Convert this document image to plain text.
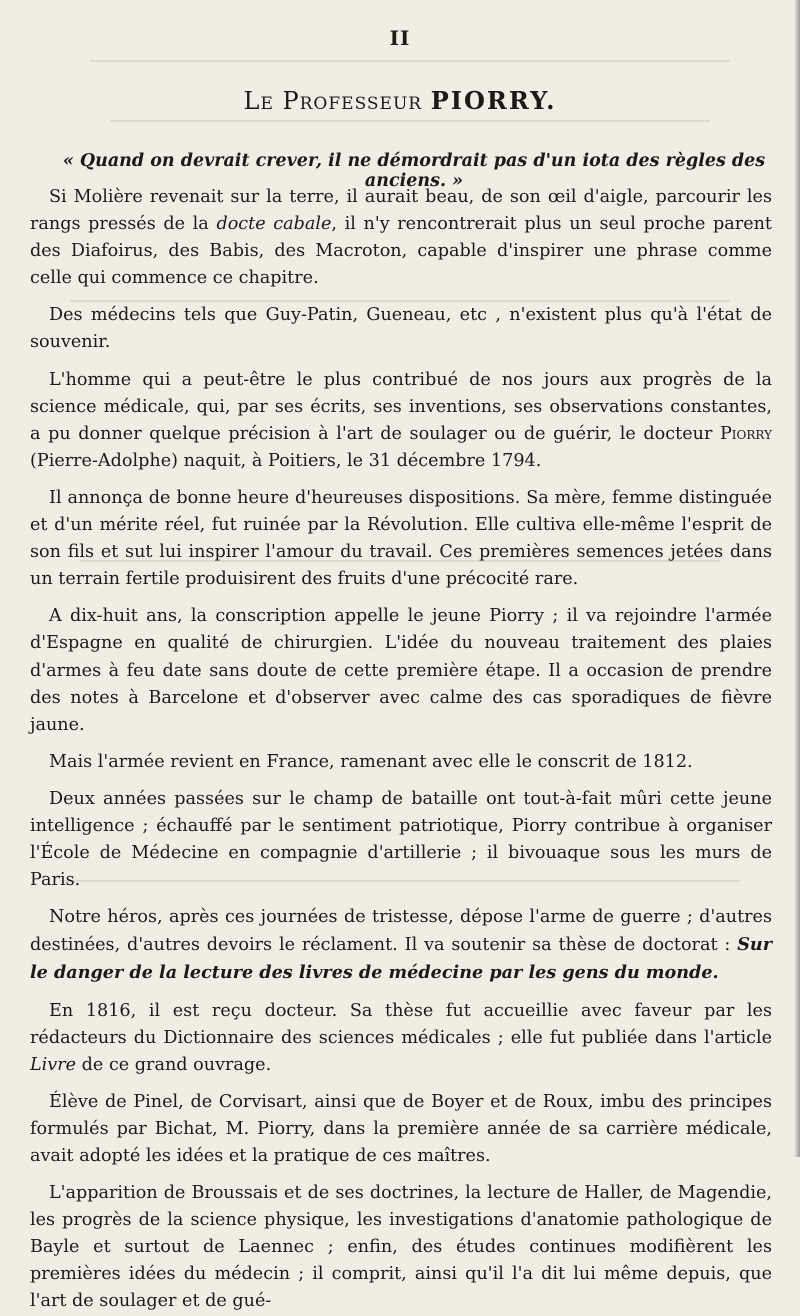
II
Le Professeur PIORRY.
« Quand on devrait crever, il ne démordrait pas d'un iota des règles des anciens. »

Si Molière revenait sur la terre, il aurait beau, de son œil d'aigle, parcourir les rangs pressés de la docte cabale, il n'y rencontrerait plus un seul proche parent des Diafoirus, des Babis, des Macroton, capable d'inspirer une phrase comme celle qui commence ce chapitre.

Des médecins tels que Guy-Patin, Gueneau, etc , n'existent plus qu'à l'état de souvenir.

L'homme qui a peut-être le plus contribué de nos jours aux progrès de la science médicale, qui, par ses écrits, ses inventions, ses observations constantes, a pu donner quelque précision à l'art de soulager ou de guérir, le docteur Piorry (Pierre-Adolphe) naquit, à Poitiers, le 31 décembre 1794.

Il annonça de bonne heure d'heureuses dispositions. Sa mère, femme distinguée et d'un mérite réel, fut ruinée par la Révolution. Elle cultiva elle-même l'esprit de son fils et sut lui inspirer l'amour du travail. Ces premières semences jetées dans un terrain fertile produisirent des fruits d'une précocité rare.

A dix-huit ans, la conscription appelle le jeune Piorry ; il va rejoindre l'armée d'Espagne en qualité de chirurgien. L'idée du nouveau traitement des plaies d'armes à feu date sans doute de cette première étape. Il a occasion de prendre des notes à Barcelone et d'observer avec calme des cas sporadiques de fièvre jaune.

Mais l'armée revient en France, ramenant avec elle le conscrit de 1812.

Deux années passées sur le champ de bataille ont tout-à-fait mûri cette jeune intelligence ; échauffé par le sentiment patriotique, Piorry contribue à organiser l'École de Médecine en compagnie d'artillerie ; il bivouaque sous les murs de Paris.

Notre héros, après ces journées de tristesse, dépose l'arme de guerre ; d'autres destinées, d'autres devoirs le réclament. Il va soutenir sa thèse de doctorat : Sur le danger de la lecture des livres de médecine par les gens du monde.

En 1816, il est reçu docteur. Sa thèse fut accueillie avec faveur par les rédacteurs du Dictionnaire des sciences médicales ; elle fut publiée dans l'article Livre de ce grand ouvrage.

Élève de Pinel, de Corvisart, ainsi que de Boyer et de Roux, imbu des principes formulés par Bichat, M. Piorry, dans la première année de sa carrière médicale, avait adopté les idées et la pratique de ces maîtres.

L'apparition de Broussais et de ses doctrines, la lecture de Haller, de Magendie, les progrès de la science physique, les investigations d'anatomie pathologique de Bayle et surtout de Laennec ; enfin, des études continues modifièrent les premières idées du médecin ; il comprit, ainsi qu'il l'a dit lui même depuis, que l'art de soulager et de gué-
